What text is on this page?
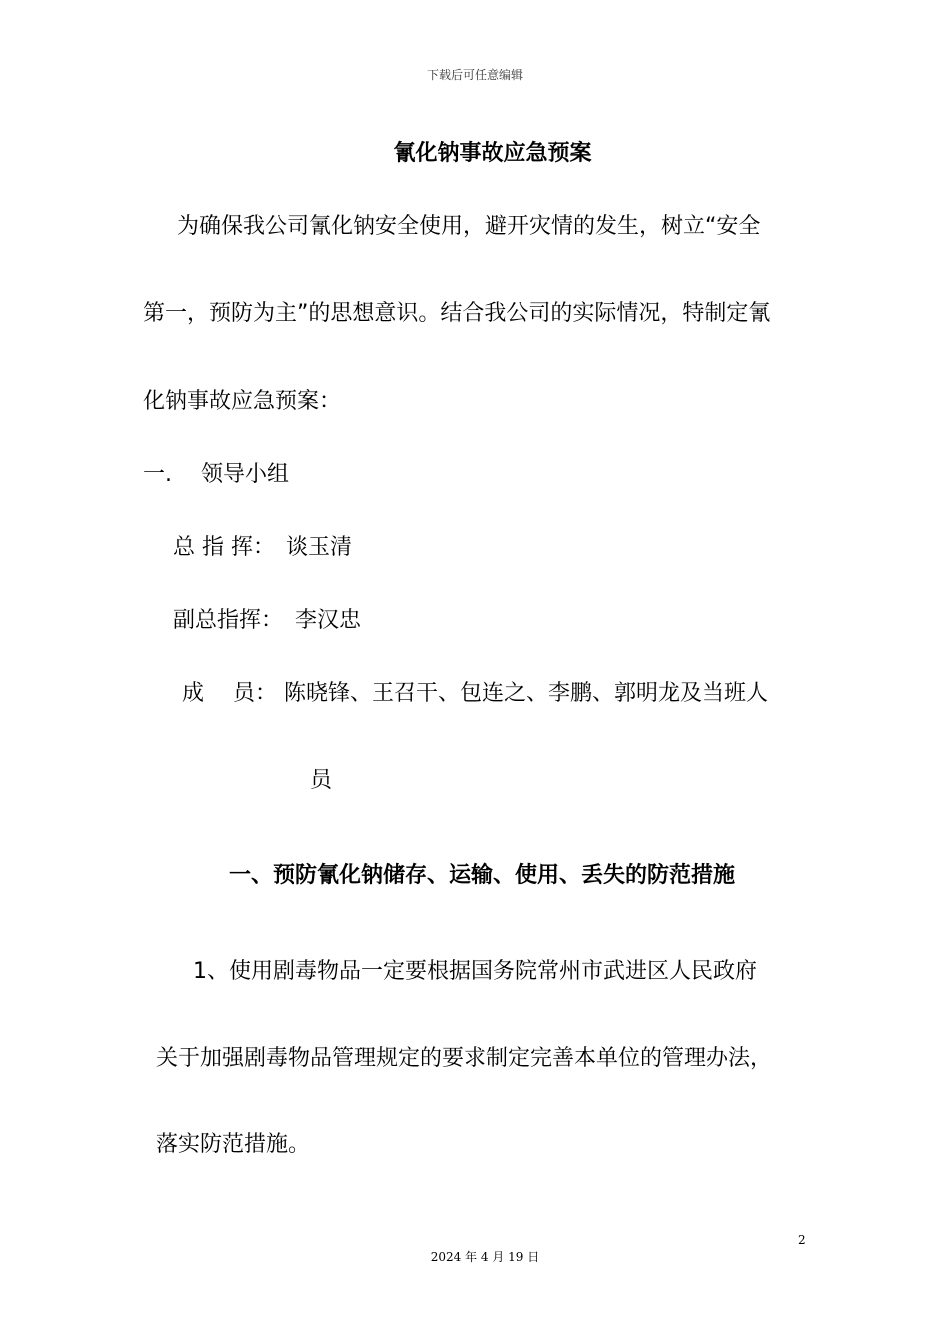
下载后可任意编辑
氰化钠事故应急预案
为确保我公司氰化钠安全使用，避开灾情的发生，树立“安全
第一，预防为主”的思想意识。结合我公司的实际情况，特制定氰
化钠事故应急预案：
一. 领导小组
总 指 挥： 谈玉清
副总指挥： 李汉忠
成　 员： 陈晓锋、王召干、包连之、李鹏、郭明龙及当班人
员
一、预防氰化钠储存、运输、使用、丢失的防范措施
1、使用剧毒物品一定要根据国务院常州市武进区人民政府
关于加强剧毒物品管理规定的要求制定完善本单位的管理办法，
落实防范措施。
2
2024 年 4 月 19 日
